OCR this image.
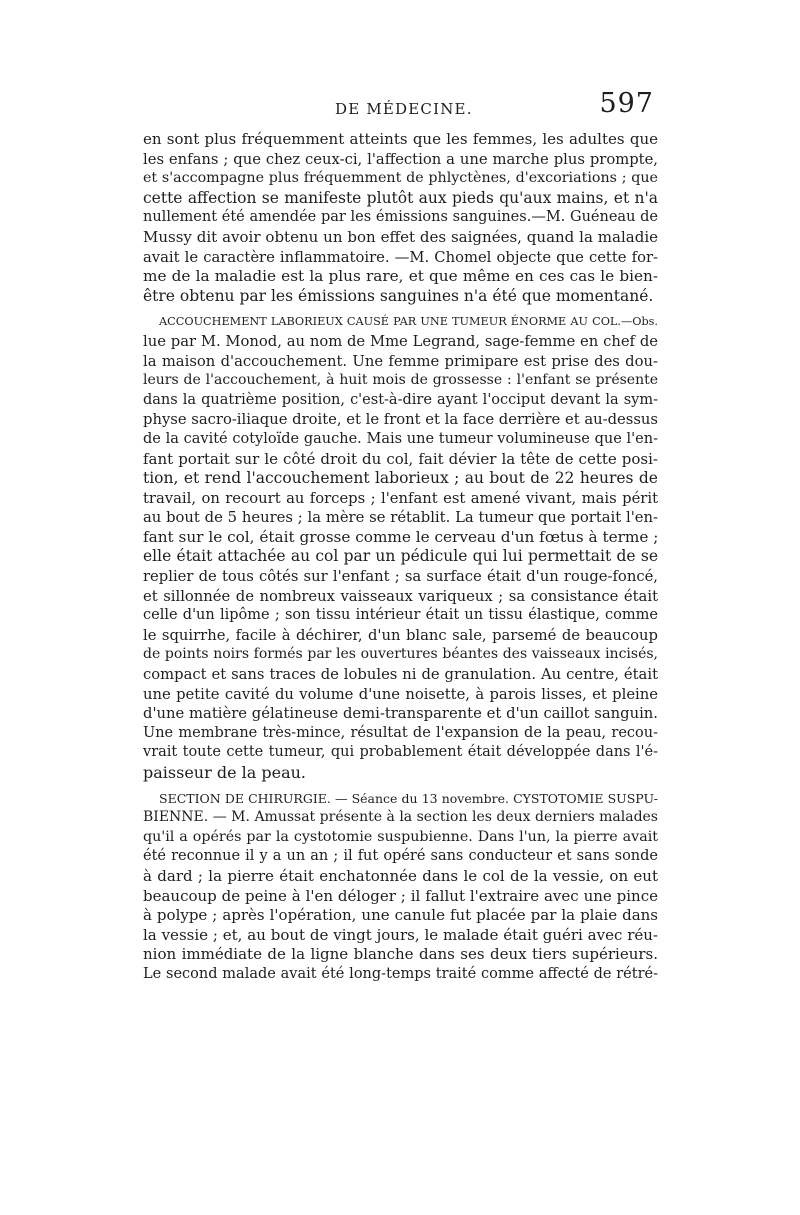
DE MÉDECINE.	597
en sont plus fréquemment atteints que les femmes, les adultes que
les enfans ; que chez ceux-ci, l'affection a une marche plus prompte,
et s'accompagne plus fréquemment de phlyctènes, d'excoriations ; que
cette affection se manifeste plutôt aux pieds qu'aux mains, et n'a
nullement été amendée par les émissions sanguines.—M. Guéneau de
Mussy dit avoir obtenu un bon effet des saignées, quand la maladie
avait le caractère inflammatoire. —M. Chomel objecte que cette for-
me de la maladie est la plus rare, et que même en ces cas le bien-
être obtenu par les émissions sanguines n'a été que momentané.
ACCOUCHEMENT LABORIEUX CAUSÉ PAR UNE TUMEUR ÉNORME AU COL.—Obs.
lue par M. Monod, au nom de Mme Legrand, sage-femme en chef de
la maison d'accouchement. Une femme primipare est prise des dou-
leurs de l'accouchement, à huit mois de grossesse : l'enfant se présente
dans la quatrième position, c'est-à-dire ayant l'occiput devant la sym-
physe sacro-iliaque droite, et le front et la face derrière et au-dessus
de la cavité cotyloïde gauche. Mais une tumeur volumineuse que l'en-
fant portait sur le côté droit du col, fait dévier la tête de cette posi-
tion, et rend l'accouchement laborieux ; au bout de 22 heures de
travail, on recourt au forceps ; l'enfant est amené vivant, mais périt
au bout de 5 heures ; la mère se rétablit. La tumeur que portait l'en-
fant sur le col, était grosse comme le cerveau d'un fœtus à terme ;
elle était attachée au col par un pédicule qui lui permettait de se
replier de tous côtés sur l'enfant ; sa surface était d'un rouge-foncé,
et sillonnée de nombreux vaisseaux variqueux ; sa consistance était
celle d'un lipôme ; son tissu intérieur était un tissu élastique, comme
le squirrhe, facile à déchirer, d'un blanc sale, parsemé de beaucoup
de points noirs formés par les ouvertures béantes des vaisseaux incisés,
compact et sans traces de lobules ni de granulation. Au centre, était
une petite cavité du volume d'une noisette, à parois lisses, et pleine
d'une matière gélatineuse demi-transparente et d'un caillot sanguin.
Une membrane très-mince, résultat de l'expansion de la peau, recou-
vrait toute cette tumeur, qui probablement était développée dans l'é-
paisseur de la peau.
SECTION DE CHIRURGIE. — Séance du 13 novembre. CYSTOTOMIE SUSPU-
BIENNE. — M. Amussat présente à la section les deux derniers malades
qu'il a opérés par la cystotomie suspubienne. Dans l'un, la pierre avait
été reconnue il y a un an ; il fut opéré sans conducteur et sans sonde
à dard ; la pierre était enchatonnée dans le col de la vessie, on eut
beaucoup de peine à l'en déloger ; il fallut l'extraire avec une pince
à polype ; après l'opération, une canule fut placée par la plaie dans
la vessie ; et, au bout de vingt jours, le malade était guéri avec réu-
nion immédiate de la ligne blanche dans ses deux tiers supérieurs.
Le second malade avait été long-temps traité comme affecté de rétré-
